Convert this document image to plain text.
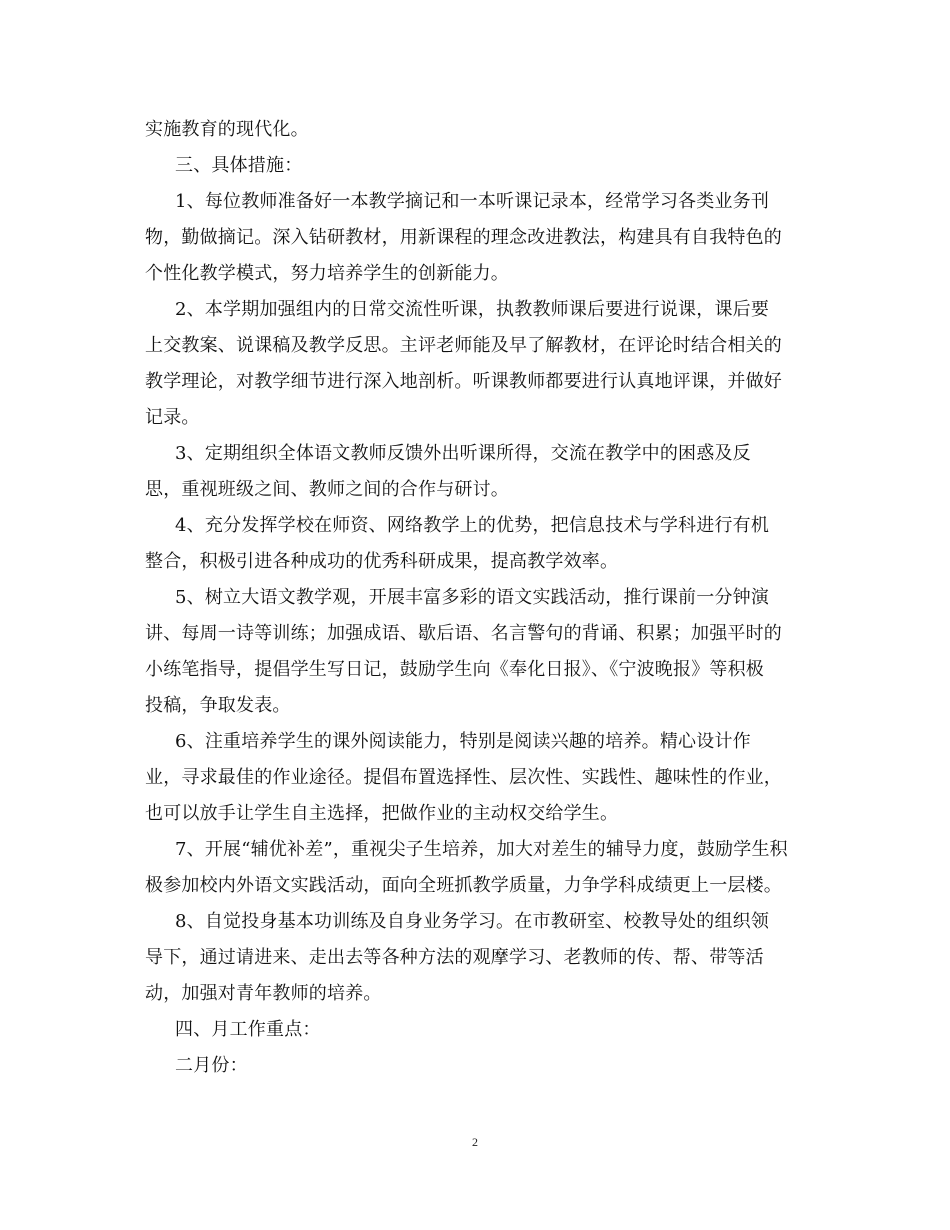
实施教育的现代化。
三、具体措施：
1、每位教师准备好一本教学摘记和一本听课记录本，经常学习各类业务刊
物，勤做摘记。深入钻研教材，用新课程的理念改进教法，构建具有自我特色的
个性化教学模式，努力培养学生的创新能力。
2、本学期加强组内的日常交流性听课，执教教师课后要进行说课，课后要
上交教案、说课稿及教学反思。主评老师能及早了解教材，在评论时结合相关的
教学理论，对教学细节进行深入地剖析。听课教师都要进行认真地评课，并做好
记录。
3、定期组织全体语文教师反馈外出听课所得，交流在教学中的困惑及反
思，重视班级之间、教师之间的合作与研讨。
4、充分发挥学校在师资、网络教学上的优势，把信息技术与学科进行有机
整合，积极引进各种成功的优秀科研成果，提高教学效率。
5、树立大语文教学观，开展丰富多彩的语文实践活动，推行课前一分钟演
讲、每周一诗等训练；加强成语、歇后语、名言警句的背诵、积累；加强平时的
小练笔指导，提倡学生写日记，鼓励学生向《奉化日报》、《宁波晚报》等积极
投稿，争取发表。
6、注重培养学生的课外阅读能力，特别是阅读兴趣的培养。精心设计作
业，寻求最佳的作业途径。提倡布置选择性、层次性、实践性、趣味性的作业，
也可以放手让学生自主选择，把做作业的主动权交给学生。
7、开展“辅优补差”，重视尖子生培养，加大对差生的辅导力度，鼓励学生积
极参加校内外语文实践活动，面向全班抓教学质量，力争学科成绩更上一层楼。
8、自觉投身基本功训练及自身业务学习。在市教研室、校教导处的组织领
导下，通过请进来、走出去等各种方法的观摩学习、老教师的传、帮、带等活
动，加强对青年教师的培养。
四、月工作重点：
二月份：
2
